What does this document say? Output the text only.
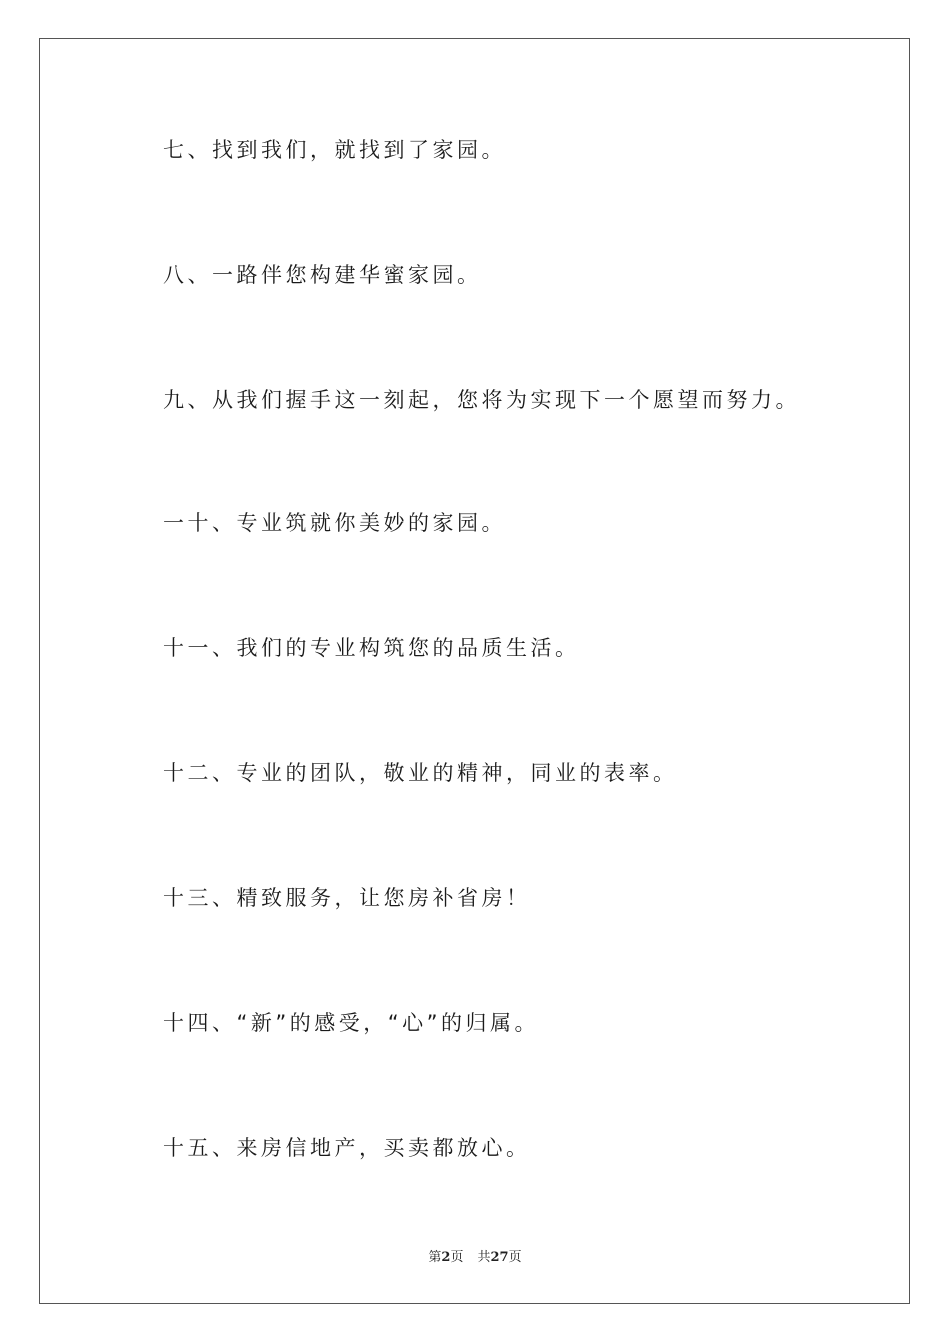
七、找到我们，就找到了家园。
八、一路伴您构建华蜜家园。
九、从我们握手这一刻起，您将为实现下一个愿望而努力。
一十、专业筑就你美妙的家园。
十一、我们的专业构筑您的品质生活。
十二、专业的团队，敬业的精神，同业的表率。
十三、精致服务，让您房补省房！
十四、“新”的感受，“心”的归属。
十五、来房信地产，买卖都放心。
第2页 共27页
